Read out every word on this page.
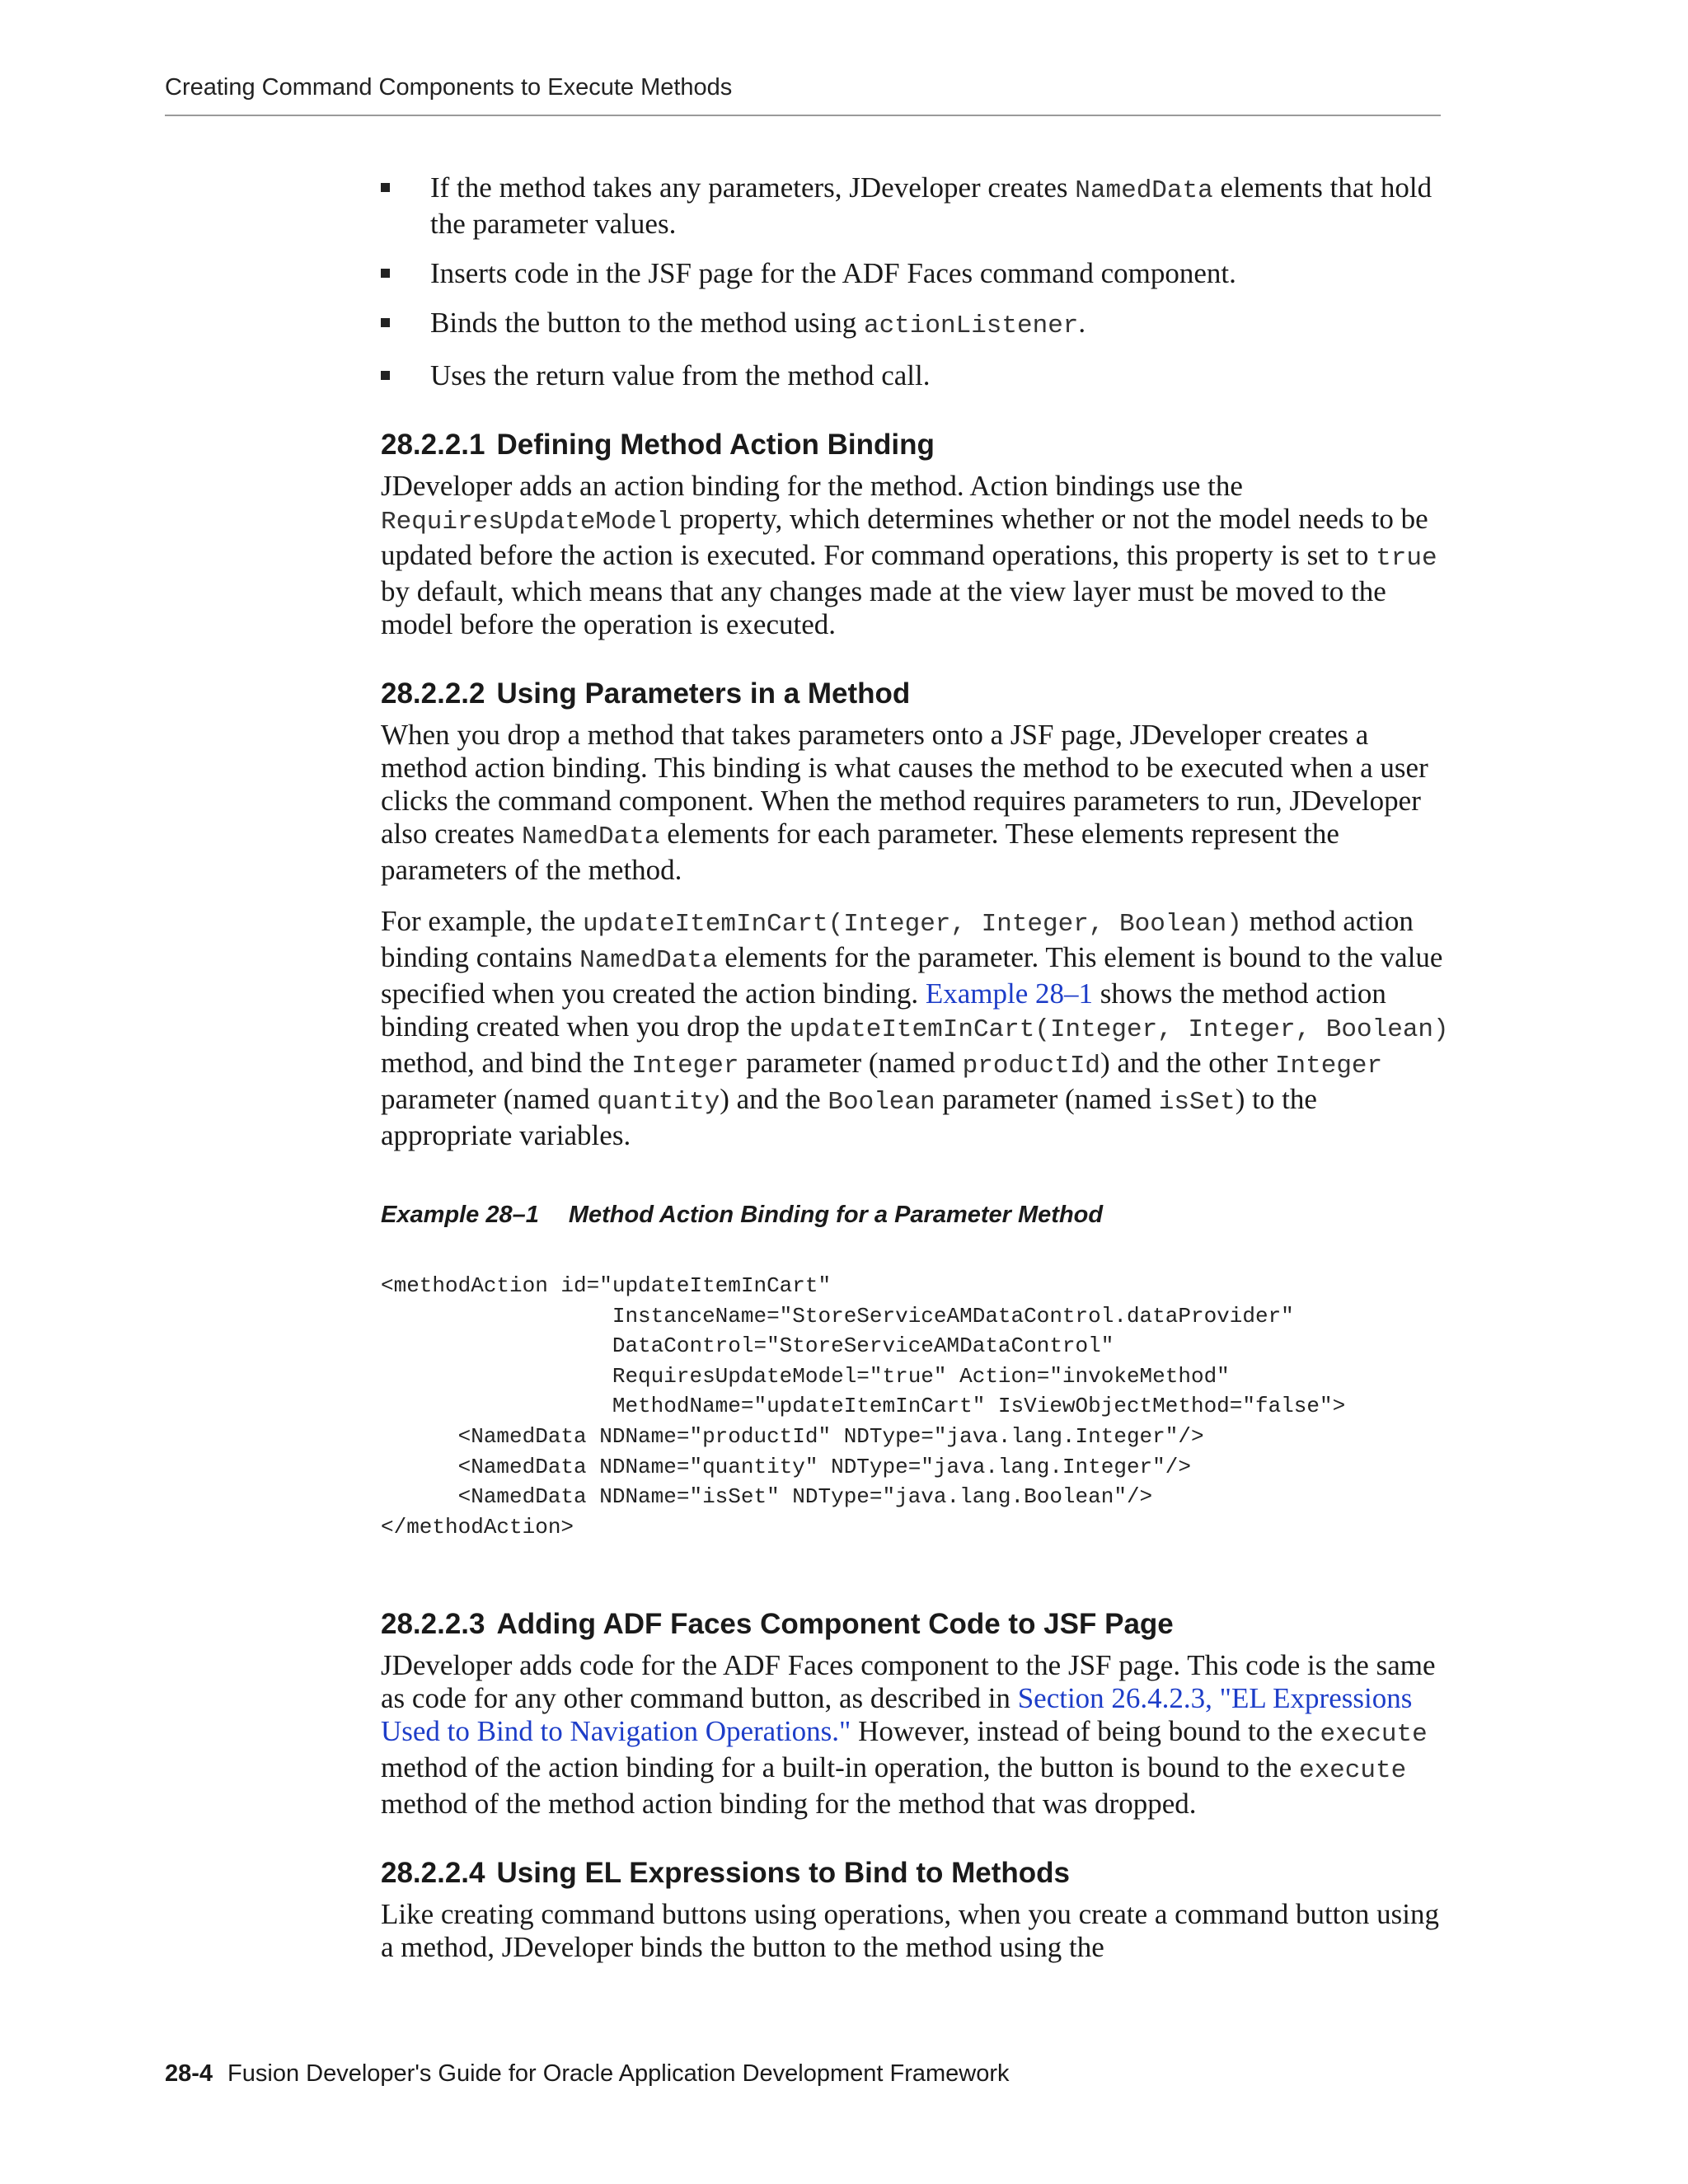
Creating Command Components to Execute Methods
If the method takes any parameters, JDeveloper creates NamedData elements that hold the parameter values.
Inserts code in the JSF page for the ADF Faces command component.
Binds the button to the method using actionListener.
Uses the return value from the method call.
28.2.2.1 Defining Method Action Binding

JDeveloper adds an action binding for the method. Action bindings use the RequiresUpdateModel property, which determines whether or not the model needs to be updated before the action is executed. For command operations, this property is set to true by default, which means that any changes made at the view layer must be moved to the model before the operation is executed.

28.2.2.2 Using Parameters in a Method

When you drop a method that takes parameters onto a JSF page, JDeveloper creates a method action binding. This binding is what causes the method to be executed when a user clicks the command component. When the method requires parameters to run, JDeveloper also creates NamedData elements for each parameter. These elements represent the parameters of the method.

For example, the updateItemInCart(Integer, Integer, Boolean) method action binding contains NamedData elements for the parameter. This element is bound to the value specified when you created the action binding. Example 28–1 shows the method action binding created when you drop the updateItemInCart(Integer, Integer, Boolean) method, and bind the Integer parameter (named productId) and the other Integer parameter (named quantity) and the Boolean parameter (named isSet) to the appropriate variables.

Example 28–1 Method Action Binding for a Parameter Method
<methodAction id="updateItemInCart"
InstanceName="StoreServiceAMDataControl.dataProvider"
DataControl="StoreServiceAMDataControl"
RequiresUpdateModel="true" Action="invokeMethod"
MethodName="updateItemInCart" IsViewObjectMethod="false">
<NamedData NDName="productId" NDType="java.lang.Integer"/>
<NamedData NDName="quantity" NDType="java.lang.Integer"/>
<NamedData NDName="isSet" NDType="java.lang.Boolean"/>
</methodAction>
28.2.2.3 Adding ADF Faces Component Code to JSF Page

JDeveloper adds code for the ADF Faces component to the JSF page. This code is the same as code for any other command button, as described in Section 26.4.2.3, "EL Expressions Used to Bind to Navigation Operations." However, instead of being bound to the execute method of the action binding for a built-in operation, the button is bound to the execute method of the method action binding for the method that was dropped.

28.2.2.4 Using EL Expressions to Bind to Methods

Like creating command buttons using operations, when you create a command button using a method, JDeveloper binds the button to the method using the

28-4 Fusion Developer's Guide for Oracle Application Development Framework
